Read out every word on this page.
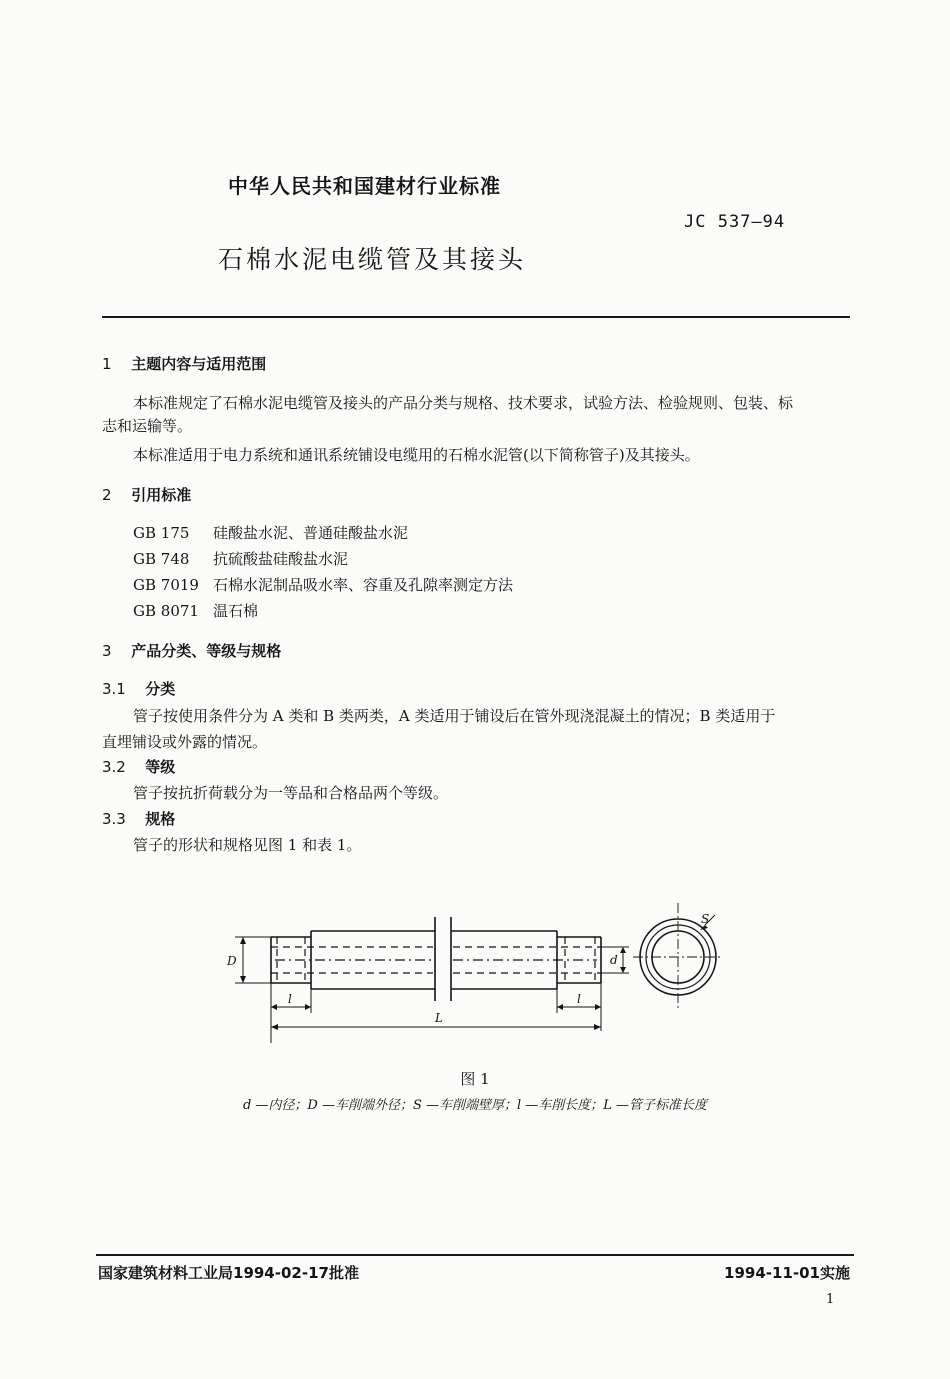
中华人民共和国建材行业标准
JC 537—94
石棉水泥电缆管及其接头
1 主题内容与适用范围
本标准规定了石棉水泥电缆管及接头的产品分类与规格、技术要求，试验方法、检验规则、包装、标
志和运输等。
本标准适用于电力系统和通讯系统铺设电缆用的石棉水泥管(以下简称管子)及其接头。
2 引用标准
GB 175 硅酸盐水泥、普通硅酸盐水泥
GB 748 抗硫酸盐硅酸盐水泥
GB 7019 石棉水泥制品吸水率、容重及孔隙率测定方法
GB 8071 温石棉
3 产品分类、等级与规格
3.1 分类
管子按使用条件分为 A 类和 B 类两类，A 类适用于铺设后在管外现浇混凝土的情况；B 类适用于
直埋铺设或外露的情况。
3.2 等级
管子按抗折荷载分为一等品和合格品两个等级。
3.3 规格
管子的形状和规格见图 1 和表 1。
D	d
l	l
L
S
图 1
d —内径；D —车削端外径；S —车削端壁厚；l —车削长度；L —管子标准长度
国家建筑材料工业局1994-02-17批准	1994-11-01实施
1
